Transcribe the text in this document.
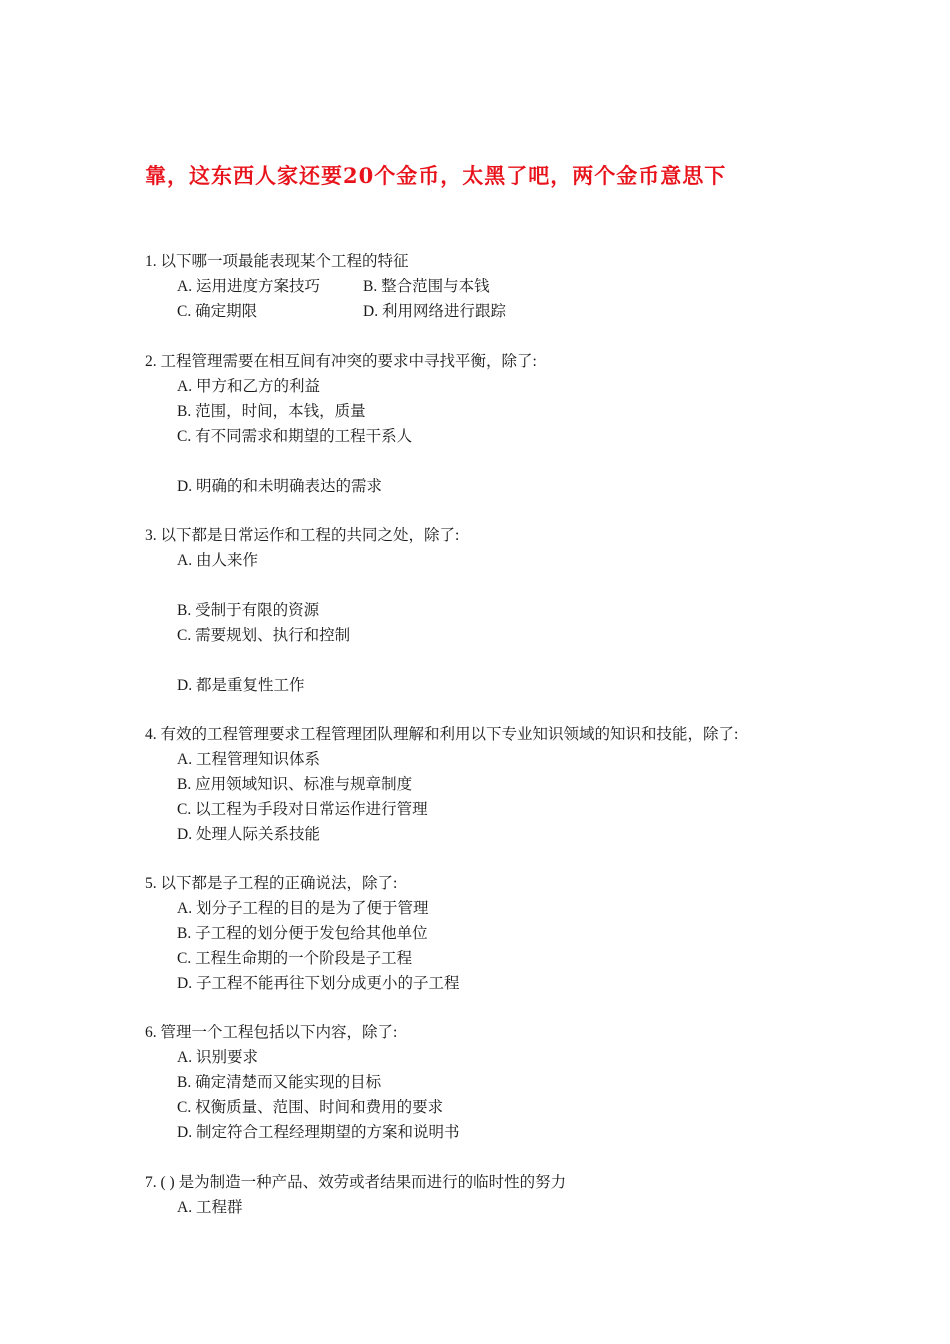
靠，这东西人家还要20个金币，太黑了吧，两个金币意思下
1. 以下哪一项最能表现某个工程的特征
A. 运用进度方案技巧	B. 整合范围与本钱
C. 确定期限	D. 利用网络进行跟踪
2. 工程管理需要在相互间有冲突的要求中寻找平衡，除了:
A. 甲方和乙方的利益
B. 范围，时间，本钱，质量
C. 有不同需求和期望的工程干系人
D. 明确的和未明确表达的需求
3. 以下都是日常运作和工程的共同之处，除了:
A. 由人来作
B. 受制于有限的资源
C. 需要规划、执行和控制
D. 都是重复性工作
4. 有效的工程管理要求工程管理团队理解和利用以下专业知识领域的知识和技能，除了:
A. 工程管理知识体系
B. 应用领域知识、标准与规章制度
C. 以工程为手段对日常运作进行管理
D. 处理人际关系技能
5. 以下都是子工程的正确说法，除了:
A. 划分子工程的目的是为了便于管理
B. 子工程的划分便于发包给其他单位
C. 工程生命期的一个阶段是子工程
D. 子工程不能再往下划分成更小的子工程
6. 管理一个工程包括以下内容，除了:
A. 识别要求
B. 确定清楚而又能实现的目标
C. 权衡质量、范围、时间和费用的要求
D. 制定符合工程经理期望的方案和说明书
7. ( ) 是为制造一种产品、效劳或者结果而进行的临时性的努力
A. 工程群
